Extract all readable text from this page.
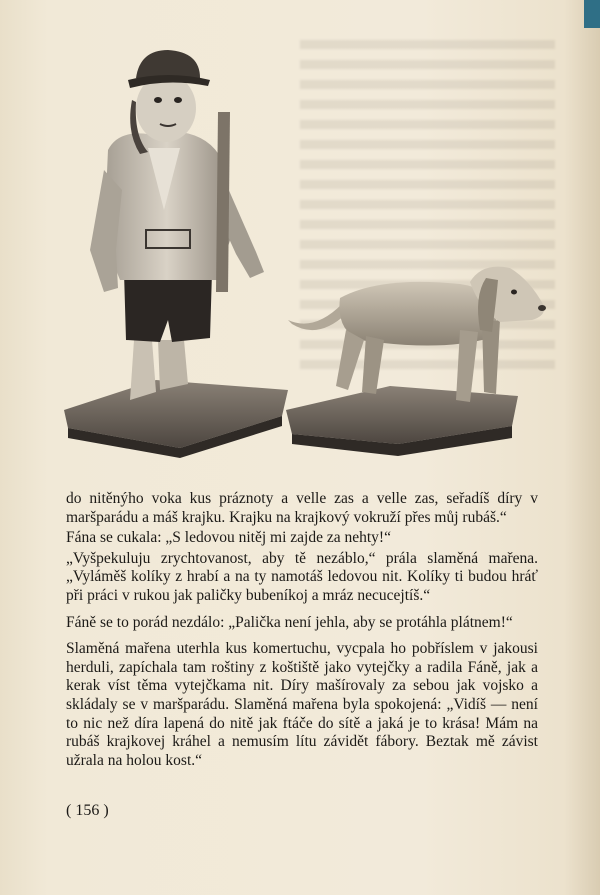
do nitěnýho voka kus práznoty a velle zas a velle zas, seřadíš díry v maršparádu a máš krajku. Krajku na krajkový vokruží přes můj rubáš.“

Fána se cukala: „S ledovou nitěj mi zajde za nehty!“

„Vyšpekuluju zrychtovanost, aby tě nezáblo,“ prála slaměná mařena. „Vyláměš kolíky z hrabí a na ty namotáš ledovou nit. Kolíky ti budou hráť při práci v rukou jak paličky bubeníkoj a mráz necucejtíš.“

Fáně se to porád nezdálo: „Palička není jehla, aby se protáhla plátnem!“

Slaměná mařena uterhla kus komertuchu, vycpala ho pobříslem v jakousi herduli, zapíchala tam roštiny z koštiště jako vytejčky a radila Fáně, jak a kerak víst těma vytejčkama nit. Díry mašírovaly za sebou jak vojsko a skládaly se v maršparádu. Slaměná mařena byla spokojená: „Vidíš — není to nic než díra lapená do nitě jak ftáče do sítě a jaká je to krása! Mám na rubáš krajkovej kráhel a nemusím lítu závidět fábory. Beztak mě závist užrala na holou kost.“

( 156 )
